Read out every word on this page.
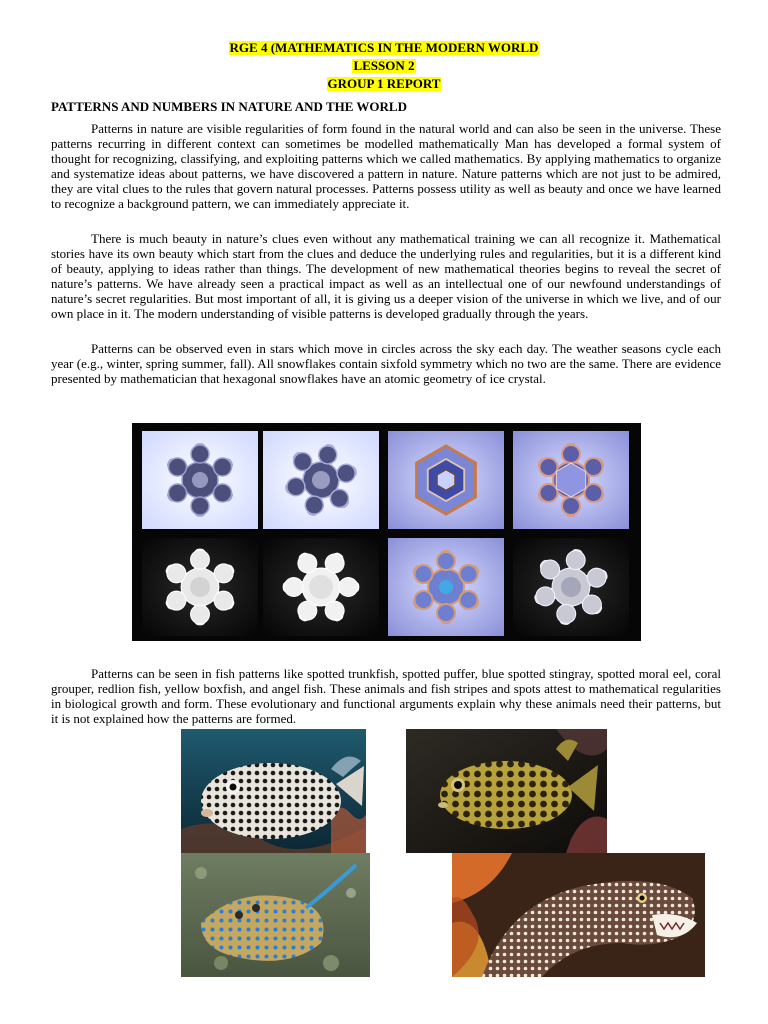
RGE 4 (MATHEMATICS IN THE MODERN WORLD
LESSON 2
GROUP 1 REPORT

PATTERNS AND NUMBERS IN NATURE AND THE WORLD

Patterns in nature are visible regularities of form found in the natural world and can also be seen in the universe. These patterns recurring in different context can sometimes be modelled mathematically Man has developed a formal system of thought for recognizing, classifying, and exploiting patterns which we called mathematics. By applying mathematics to organize and systematize ideas about patterns, we have discovered a pattern in nature. Nature patterns which are not just to be admired, they are vital clues to the rules that govern natural processes. Patterns possess utility as well as beauty and once we have learned to recognize a background pattern, we can immediately appreciate it.

There is much beauty in nature’s clues even without any mathematical training we can all recognize it. Mathematical stories have its own beauty which start from the clues and deduce the underlying rules and regularities, but it is a different kind of beauty, applying to ideas rather than things. The development of new mathematical theories begins to reveal the secret of nature’s patterns. We have already seen a practical impact as well as an intellectual one of our newfound understandings of nature’s secret regularities. But most important of all, it is giving us a deeper vision of the universe in which we live, and of our own place in it. The modern understanding of visible patterns is developed gradually through the years.

Patterns can be observed even in stars which move in circles across the sky each day. The weather seasons cycle each year (e.g., winter, spring summer, fall). All snowflakes contain sixfold symmetry which no two are the same. There are evidence presented by mathematician that hexagonal snowflakes have an atomic geometry of ice crystal.

Patterns can be seen in fish patterns like spotted trunkfish, spotted puffer, blue spotted stingray, spotted moral eel, coral grouper, redlion fish, yellow boxfish, and angel fish. These animals and fish stripes and spots attest to mathematical regularities in biological growth and form. These evolutionary and functional arguments explain why these animals need their patterns, but it is not explained how the patterns are formed.
